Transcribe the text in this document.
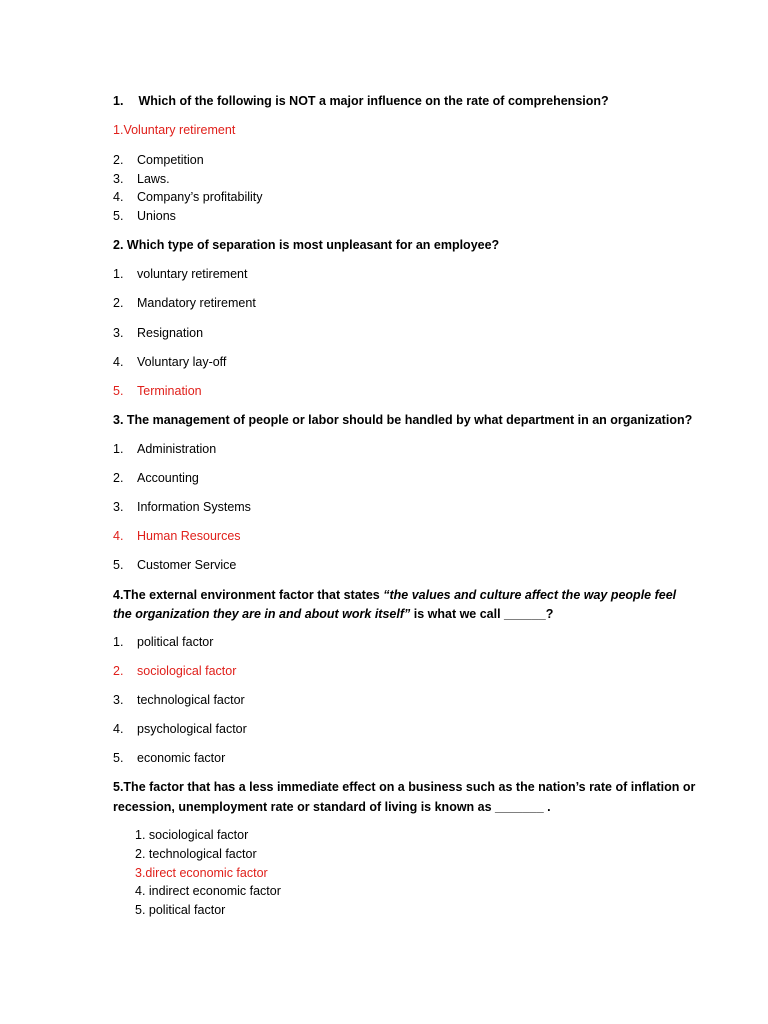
1. Which of the following is NOT a major influence on the rate of comprehension?
1.Voluntary retirement
2. Competition
3. Laws.
4. Company’s profitability
5. Unions
2. Which type of separation is most unpleasant for an employee?
1. voluntary retirement
2. Mandatory retirement
3. Resignation
4. Voluntary lay-off
5. Termination
3. The management of people or labor should be handled by what department in an organization?
1. Administration
2. Accounting
3. Information Systems
4. Human Resources
5. Customer Service
4.The external environment factor that states “the values and culture affect the way people feel
the organization they are in and about work itself” is what we call ______?
1. political factor
2. sociological factor
3. technological factor
4. psychological factor
5. economic factor
5.The factor that has a less immediate effect on a business such as the nation’s rate of inflation or
recession, unemployment rate or standard of living is known as _______ .
1. sociological factor
2. technological factor
3.direct economic factor
4. indirect economic factor
5. political factor
